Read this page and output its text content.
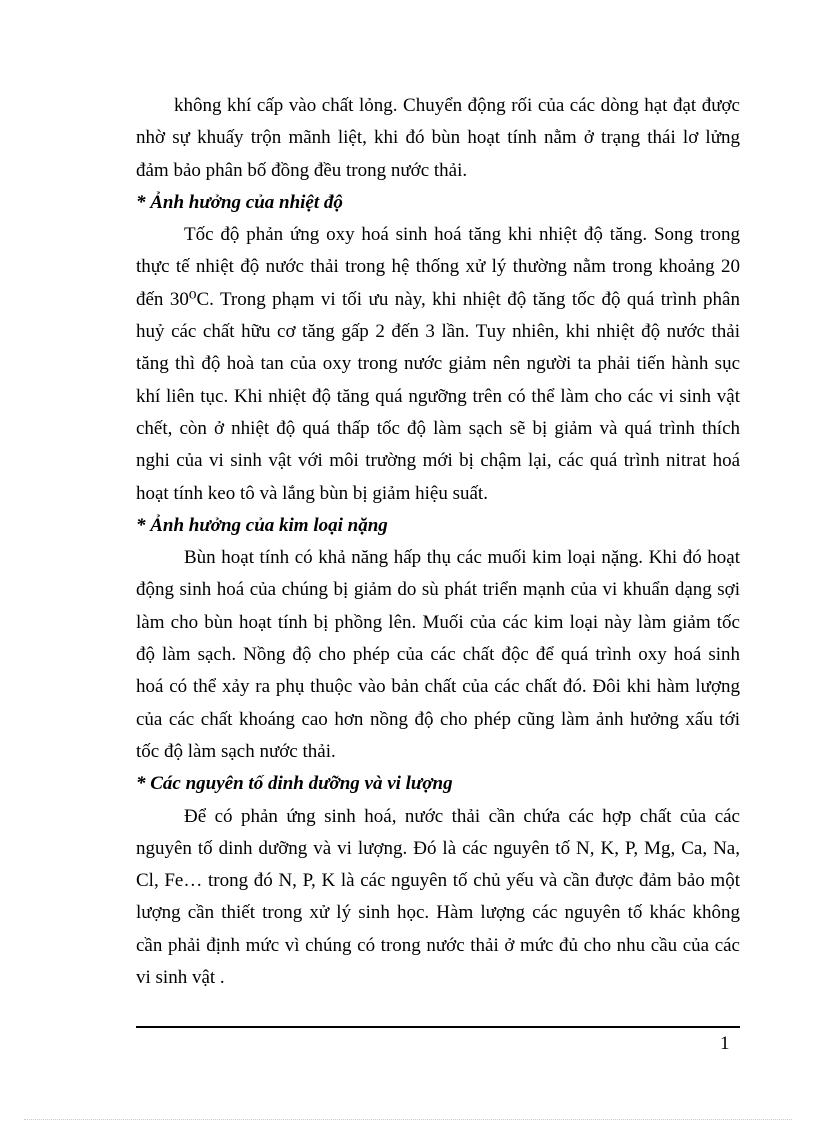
không khí cấp vào chất lỏng. Chuyển động rối của các dòng hạt đạt được
nhờ sự khuấy trộn mãnh liệt, khi đó bùn hoạt tính nằm ở trạng thái lơ lửng
đảm bảo phân bố đồng đều trong nước thải.
* Ảnh hưởng của nhiệt độ
Tốc độ phản ứng oxy hoá sinh hoá tăng khi nhiệt độ tăng. Song trong
thực tế nhiệt độ nước thải trong hệ thống xử lý thường nằm trong khoảng 20
đến 30⁰C. Trong phạm vi tối ưu này, khi nhiệt độ tăng tốc độ quá trình phân
huỷ các chất hữu cơ tăng gấp 2 đến 3 lần. Tuy nhiên, khi nhiệt độ nước thải
tăng thì độ hoà tan của oxy trong nước giảm nên người ta phải tiến hành sục
khí liên tục. Khi nhiệt độ tăng quá ngưỡng trên có thể làm cho các vi sinh vật
chết, còn ở nhiệt độ quá thấp tốc độ làm sạch sẽ bị giảm và quá trình thích
nghi của vi sinh vật với môi trường mới bị chậm lại, các quá trình nitrat hoá
hoạt tính keo tô và lắng bùn bị giảm hiệu suất.
* Ảnh hưởng của kim loại nặng
Bùn hoạt tính có khả năng hấp thụ các muối kim loại nặng. Khi đó hoạt
động sinh hoá của chúng bị giảm do sù phát triển mạnh của vi khuẩn dạng sợi
làm cho bùn hoạt tính bị phồng lên. Muối của các kim loại này làm giảm tốc
độ làm sạch. Nồng độ cho phép của các chất độc để quá trình oxy hoá sinh
hoá có thể xảy ra phụ thuộc vào bản chất của các chất đó. Đôi khi hàm lượng
của các chất khoáng cao hơn nồng độ cho phép cũng làm ảnh hưởng xấu tới
tốc độ làm sạch nước thải.
* Các nguyên tố dinh dưỡng và vi lượng
Để có phản ứng sinh hoá, nước thải cần chứa các hợp chất của các
nguyên tố dinh dưỡng và vi lượng. Đó là các nguyên tố N, K, P, Mg, Ca, Na,
Cl, Fe… trong đó N, P, K là các nguyên tố chủ yếu và cần được đảm bảo một
lượng cần thiết trong xử lý sinh học. Hàm lượng các nguyên tố khác không
cần phải định mức vì chúng có trong nước thải ở mức đủ cho nhu cầu của các
vi sinh vật .
1
